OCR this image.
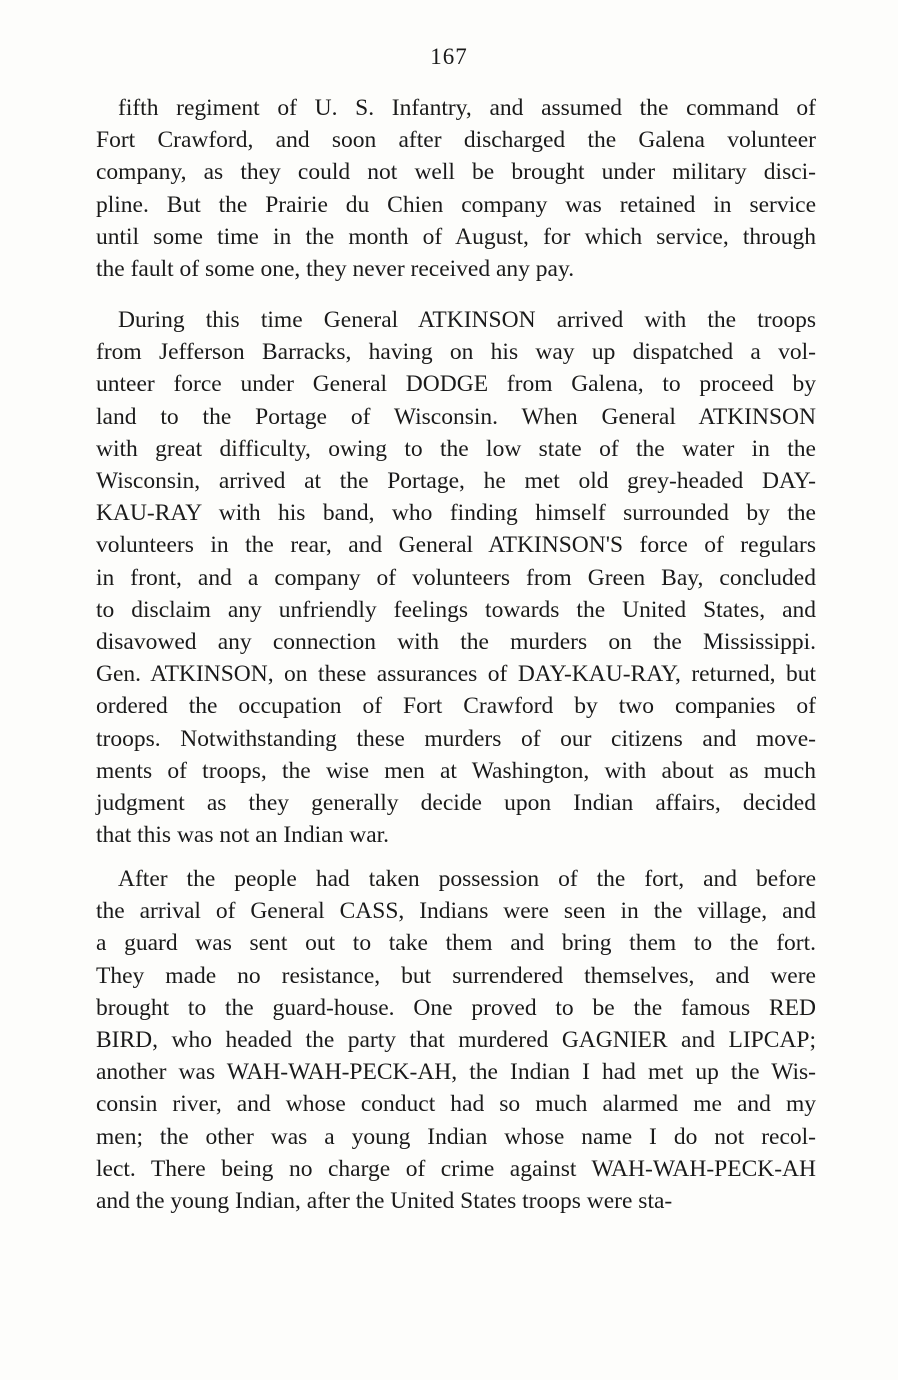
167
fifth regiment of U. S. Infantry, and assumed the command of
Fort Crawford, and soon after discharged the Galena volunteer
company, as they could not well be brought under military disci-
pline. But the Prairie du Chien company was retained in service
until some time in the month of August, for which service, through
the fault of some one, they never received any pay.
During this time General ATKINSON arrived with the troops
from Jefferson Barracks, having on his way up dispatched a vol-
unteer force under General DODGE from Galena, to proceed by
land to the Portage of Wisconsin. When General ATKINSON
with great difficulty, owing to the low state of the water in the
Wisconsin, arrived at the Portage, he met old grey-headed DAY-
KAU-RAY with his band, who finding himself surrounded by the
volunteers in the rear, and General ATKINSON'S force of regulars
in front, and a company of volunteers from Green Bay, concluded
to disclaim any unfriendly feelings towards the United States, and
disavowed any connection with the murders on the Mississippi.
Gen. ATKINSON, on these assurances of DAY-KAU-RAY, returned, but
ordered the occupation of Fort Crawford by two companies of
troops. Notwithstanding these murders of our citizens and move-
ments of troops, the wise men at Washington, with about as much
judgment as they generally decide upon Indian affairs, decided
that this was not an Indian war.
After the people had taken possession of the fort, and before
the arrival of General CASS, Indians were seen in the village, and
a guard was sent out to take them and bring them to the fort.
They made no resistance, but surrendered themselves, and were
brought to the guard-house. One proved to be the famous RED
BIRD, who headed the party that murdered GAGNIER and LIPCAP;
another was WAH-WAH-PECK-AH, the Indian I had met up the Wis-
consin river, and whose conduct had so much alarmed me and my
men; the other was a young Indian whose name I do not recol-
lect. There being no charge of crime against WAH-WAH-PECK-AH
and the young Indian, after the United States troops were sta-
